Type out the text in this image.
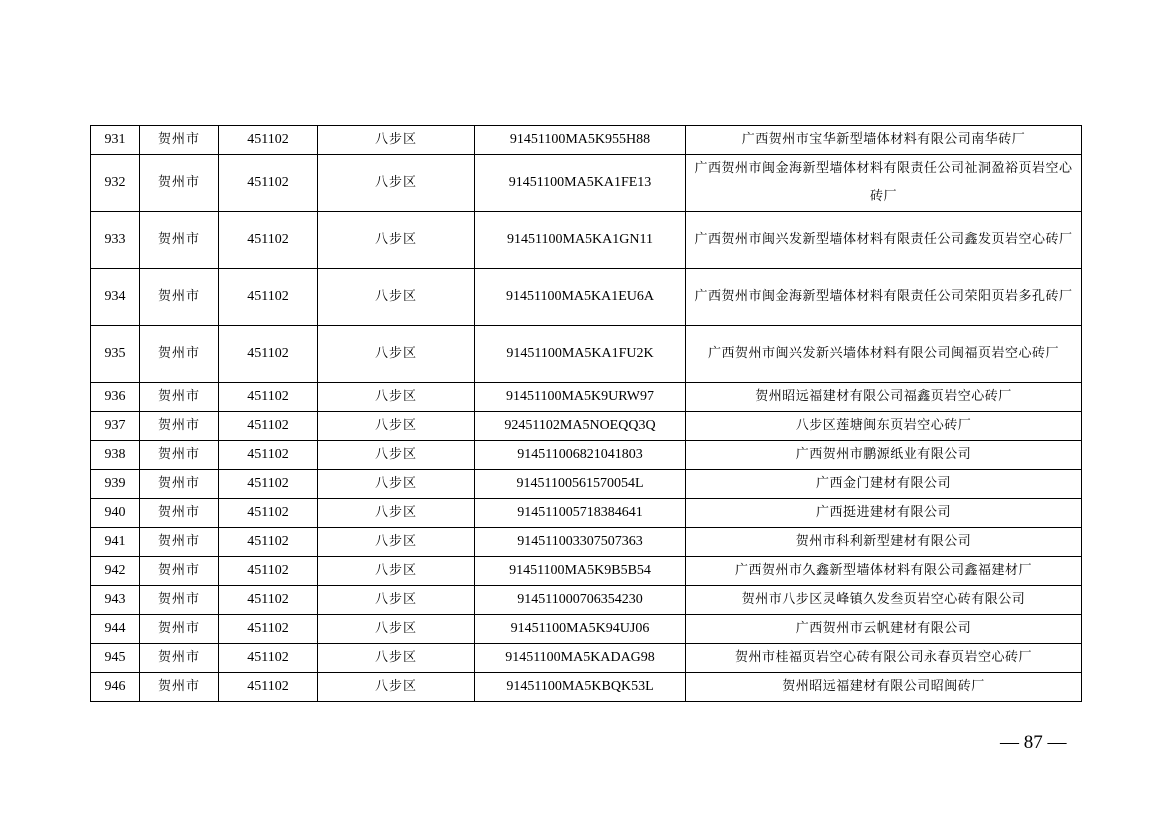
931	贺州市	451102	八步区	91451100MA5K955H88	广西贺州市宝华新型墙体材料有限公司南华砖厂
932	贺州市	451102	八步区	91451100MA5KA1FE13	广西贺州市闽金海新型墙体材料有限责任公司祉洞盈裕页岩空心砖厂
933	贺州市	451102	八步区	91451100MA5KA1GN11	广西贺州市闽兴发新型墙体材料有限责任公司鑫发页岩空心砖厂
934	贺州市	451102	八步区	91451100MA5KA1EU6A	广西贺州市闽金海新型墙体材料有限责任公司荣阳页岩多孔砖厂
935	贺州市	451102	八步区	91451100MA5KA1FU2K	广西贺州市闽兴发新兴墙体材料有限公司闽福页岩空心砖厂
936	贺州市	451102	八步区	91451100MA5K9URW97	贺州昭远福建材有限公司福鑫页岩空心砖厂
937	贺州市	451102	八步区	92451102MA5NOEQQ3Q	八步区莲塘闽东页岩空心砖厂
938	贺州市	451102	八步区	914511006821041803	广西贺州市鹏源纸业有限公司
939	贺州市	451102	八步区	91451100561570054L	广西金门建材有限公司
940	贺州市	451102	八步区	914511005718384641	广西挺进建材有限公司
941	贺州市	451102	八步区	914511003307507363	贺州市科利新型建材有限公司
942	贺州市	451102	八步区	91451100MA5K9B5B54	广西贺州市久鑫新型墙体材料有限公司鑫福建材厂
943	贺州市	451102	八步区	914511000706354230	贺州市八步区灵峰镇久发叁页岩空心砖有限公司
944	贺州市	451102	八步区	91451100MA5K94UJ06	广西贺州市云帆建材有限公司
945	贺州市	451102	八步区	91451100MA5KADAG98	贺州市桂福页岩空心砖有限公司永春页岩空心砖厂
946	贺州市	451102	八步区	91451100MA5KBQK53L	贺州昭远福建材有限公司昭闽砖厂
— 87 —
